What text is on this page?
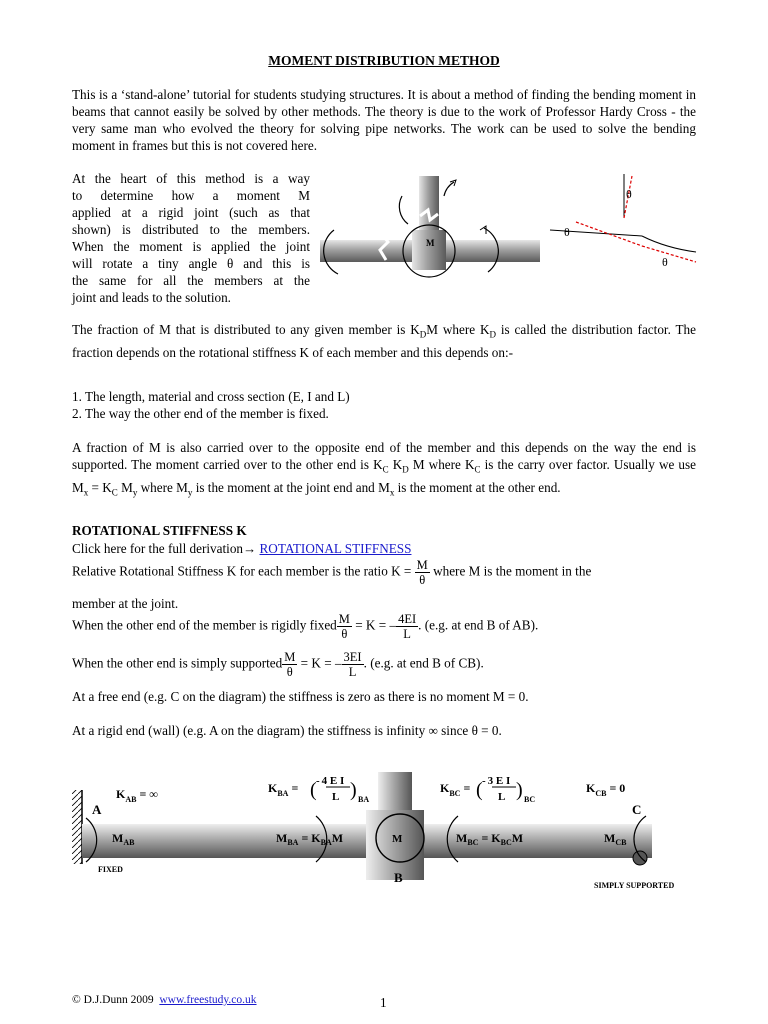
MOMENT DISTRIBUTION METHOD
This is a ‘stand-alone’ tutorial for students studying structures. It is about a method of finding the bending moment in beams that cannot easily be solved by other methods. The theory is due to the work of Professor Hardy Cross - the very same man who evolved the theory for solving pipe networks. The work can be used to solve the bending moment in frames but this is not covered here.
At the heart of this method is a way
to determine how a moment M
applied at a rigid joint (such as that
shown) is distributed to the members.
When the moment is applied the joint
will rotate a tiny angle θ and this is
the same for all the members at the
joint and leads to the solution.
M
θ
θ
θ
The fraction of M that is distributed to any given member is $K_DM$ where $K_D$ is called the distribution factor. The fraction depends on the rotational stiffness K of each member and this depends on:-
1. The length, material and cross section (E, I and L)
2. The way the other end of the member is fixed.
A fraction of M is also carried over to the opposite end of the member and this depends on the way the end is supported. The moment carried over to the other end is $K_C$ $K_D$ M where $K_C$ is the carry over factor. Usually we use $M_x = K_C$ $M_y$ where $M_y$ is the moment at the joint end and $M_x$ is the moment at the other end.
ROTATIONAL STIFFNESS K
Click here for the full derivation→ ROTATIONAL STIFFNESS
Relative Rotational Stiffness K for each member is the ratio $K = \frac{M}{\theta}$ where M is the moment in the
member at the joint.
When the other end of the member is rigidly fixed $\frac{M}{\theta} = K$ = – $\frac{4EI}{L}$ . (e.g. at end B of AB).
When the other end is simply supported $\frac{M}{\theta} = K$ = – $\frac{3EI}{L}$ . (e.g. at end B of CB).
At a free end (e.g. C on the diagram) the stiffness is zero as there is no moment M = 0.
At a rigid end (wall) (e.g. A on the diagram) the stiffness is infinity ∞ since θ = 0.
A
B
C
FIXED
SIMPLY SUPPORTED
$K_{AB}$ = ∞	$K_{BA}$ = ( - 4 E I
L ) BA
$K_{BC}$ = ( - 3 E I
L ) BC
$K_{CB} = 0$
$M_{AB}$	$M_{BA} = K_{BA}M$	M	$M_{BC} = K_{BC}M$	$M_{CB}$
© D.J.Dunn 2009 www.freestudy.co.uk	1
